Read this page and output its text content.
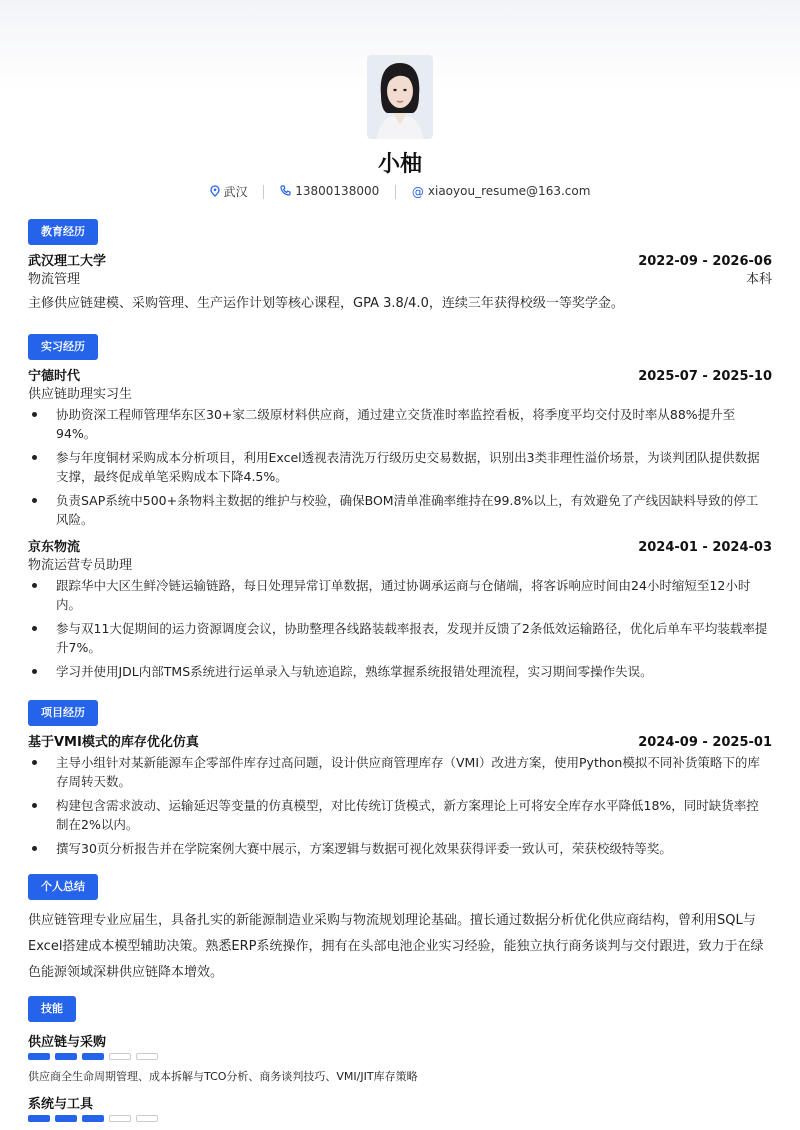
小柚
武汉	13800138000	@ xiaoyou_resume@163.com
教育经历
武汉理工大学	2022-09 - 2026-06
物流管理	本科
主修供应链建模、采购管理、生产运作计划等核心课程，GPA 3.8/4.0，连续三年获得校级一等奖学金。
实习经历
宁德时代	2025-07 - 2025-10
供应链助理实习生
协助资深工程师管理华东区30+家二级原材料供应商，通过建立交货准时率监控看板，将季度平均交付及时率从88%提升至94%。
参与年度铜材采购成本分析项目，利用Excel透视表清洗万行级历史交易数据，识别出3类非理性溢价场景，为谈判团队提供数据支撑，最终促成单笔采购成本下降4.5%。
负责SAP系统中500+条物料主数据的维护与校验，确保BOM清单准确率维持在99.8%以上，有效避免了产线因缺料导致的停工风险。
京东物流	2024-01 - 2024-03
物流运营专员助理
跟踪华中大区生鲜冷链运输链路，每日处理异常订单数据，通过协调承运商与仓储端，将客诉响应时间由24小时缩短至12小时内。
参与双11大促期间的运力资源调度会议，协助整理各线路装载率报表，发现并反馈了2条低效运输路径，优化后单车平均装载率提升7%。
学习并使用JDL内部TMS系统进行运单录入与轨迹追踪，熟练掌握系统报错处理流程，实习期间零操作失误。
项目经历
基于VMI模式的库存优化仿真	2024-09 - 2025-01
主导小组针对某新能源车企零部件库存过高问题，设计供应商管理库存（VMI）改进方案，使用Python模拟不同补货策略下的库存周转天数。
构建包含需求波动、运输延迟等变量的仿真模型，对比传统订货模式，新方案理论上可将安全库存水平降低18%，同时缺货率控制在2%以内。
撰写30页分析报告并在学院案例大赛中展示，方案逻辑与数据可视化效果获得评委一致认可，荣获校级特等奖。
个人总结
供应链管理专业应届生，具备扎实的新能源制造业采购与物流规划理论基础。擅长通过数据分析优化供应商结构，曾利用SQL与Excel搭建成本模型辅助决策。熟悉ERP系统操作，拥有在头部电池企业实习经验，能独立执行商务谈判与交付跟进，致力于在绿色能源领域深耕供应链降本增效。
技能
供应链与采购
供应商全生命周期管理、成本拆解与TCO分析、商务谈判技巧、VMI/JIT库存策略
系统与工具
